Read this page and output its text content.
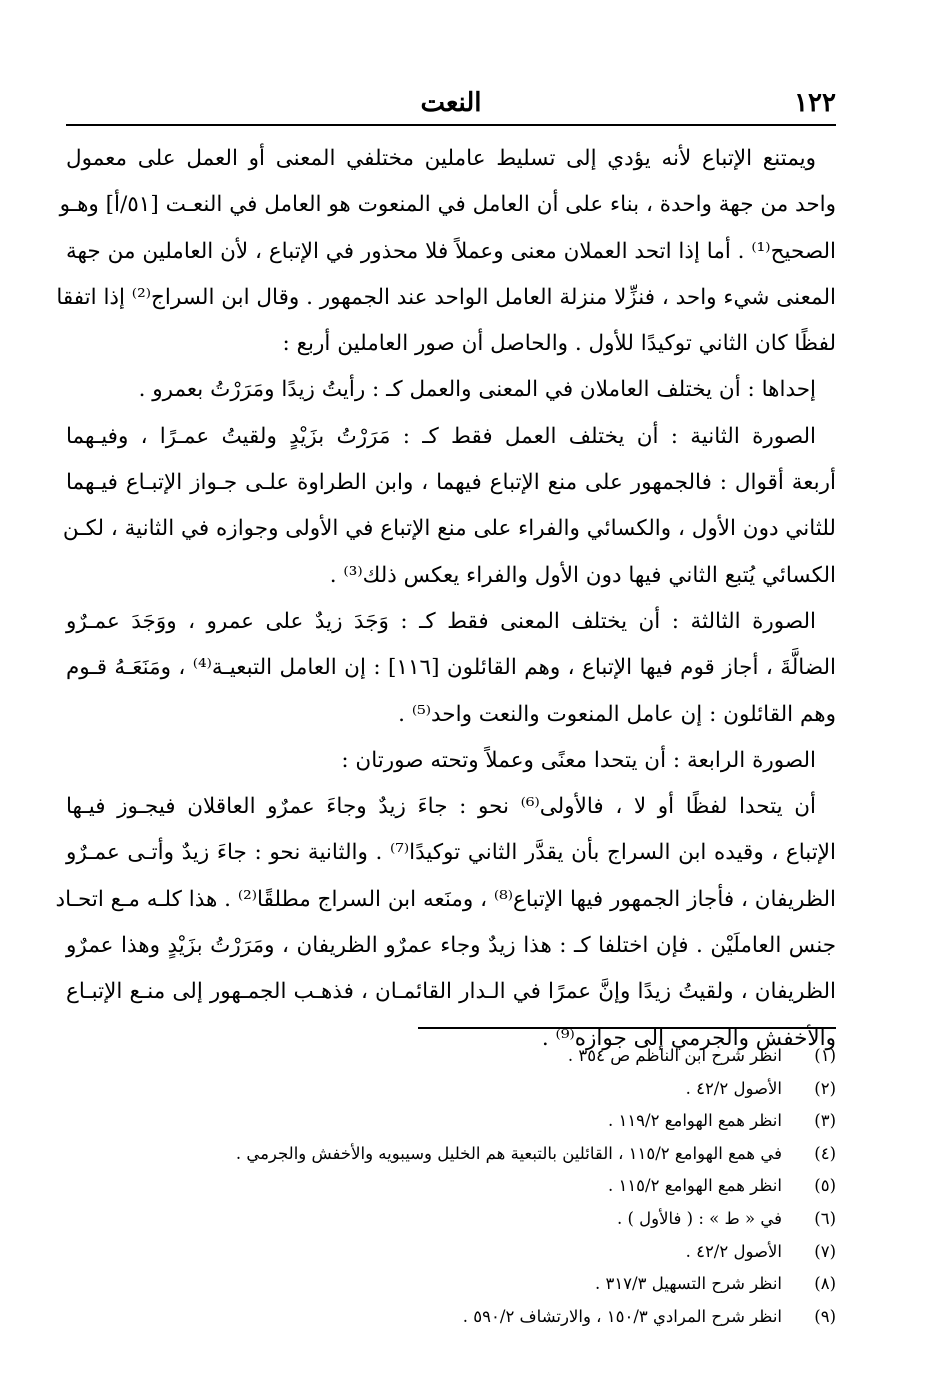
١٢٢
النعت
ويمتنع الإتباع لأنه يؤدي إلى تسليط عاملين مختلفي المعنى أو العمل على معمول
واحد من جهة واحدة ، بناء على أن العامل في المنعوت هو العامل في النعـت [٥١/أ] وهـو
الصحيح⁽¹⁾ . أما إذا اتحد العملان معنى وعملاً فلا محذور في الإتباع ، لأن العاملين من جهة
المعنى شيء واحد ، فنزِّلا منزلة العامل الواحد عند الجمهور . وقال ابن السراج⁽²⁾ إذا اتفقا
لفظًا كان الثاني توكيدًا للأول . والحاصل أن صور العاملين أربع :
إحداها : أن يختلف العاملان في المعنى والعمل كـ : رأيتُ زيدًا ومَرَرْتُ بعمرو .
الصورة الثانية : أن يختلف العمل فقط كـ : مَرَرْتُ بزَيْدٍ ولقيتُ عمـرًا ، وفيـهما
أربعة أقوال : فالجمهور على منع الإتباع فيهما ، وابن الطراوة علـى جـواز الإتبـاع فيـهما
للثاني دون الأول ، والكسائي والفراء على منع الإتباع في الأولى وجوازه في الثانية ، لكـن
الكسائي يُتبع الثاني فيها دون الأول والفراء يعكس ذلك⁽³⁾ .
الصورة الثالثة : أن يختلف المعنى فقط كـ : وَجَدَ زيدٌ على عمرو ، ووَجَدَ عمـرٌو
الضالَّةَ ، أجاز قوم فيها الإتباع ، وهم القائلون [١١٦] : إن العامل التبعيـة⁽⁴⁾ ، ومَنَعَـهُ قـوم
وهم القائلون : إن عامل المنعوت والنعت واحد⁽⁵⁾ .
الصورة الرابعة : أن يتحدا معنًى وعملاً وتحته صورتان :
أن يتحدا لفظًا أو لا ، فالأولى⁽⁶⁾ نحو : جاءَ زيدٌ وجاءَ عمرٌو العاقلان فيجـوز فيـها
الإتباع ، وقيده ابن السراج بأن يقدَّر الثاني توكيدًا⁽⁷⁾ . والثانية نحو : جاءَ زيدٌ وأتـى عمـرٌو
الظريفان ، فأجاز الجمهور فيها الإتباع⁽⁸⁾ ، ومنَعه ابن السراج مطلقًا⁽²⁾ . هذا كلـه مـع اتحـاد
جنس العاملَيْن . فإن اختلفا كـ : هذا زيدٌ وجاء عمرٌو الظريفان ، ومَرَرْتُ بزَيْدٍ وهذا عمرٌو
الظريفان ، ولقيتُ زيدًا وإنَّ عمرًا في الـدار القائمـان ، فذهـب الجمـهور إلى منـع الإتبـاع
والأخفش والجرمي إلى جوازه⁽⁹⁾ .
(١)انظر شرح ابن الناظم ص ٣٥٤ .
(٢)الأصول ٤٢/٢ .
(٣)انظر همع الهوامع ١١٩/٢ .
(٤)في همع الهوامع ١١٥/٢ ، القائلين بالتبعية هم الخليل وسيبويه والأخفش والجرمي .
(٥)انظر همع الهوامع ١١٥/٢ .
(٦)في « ط » : ( فالأول ) .
(٧)الأصول ٤٢/٢ .
(٨)انظر شرح التسهيل ٣١٧/٣ .
(٩)انظر شرح المرادي ١٥٠/٣ ، والارتشاف ٥٩٠/٢ .
